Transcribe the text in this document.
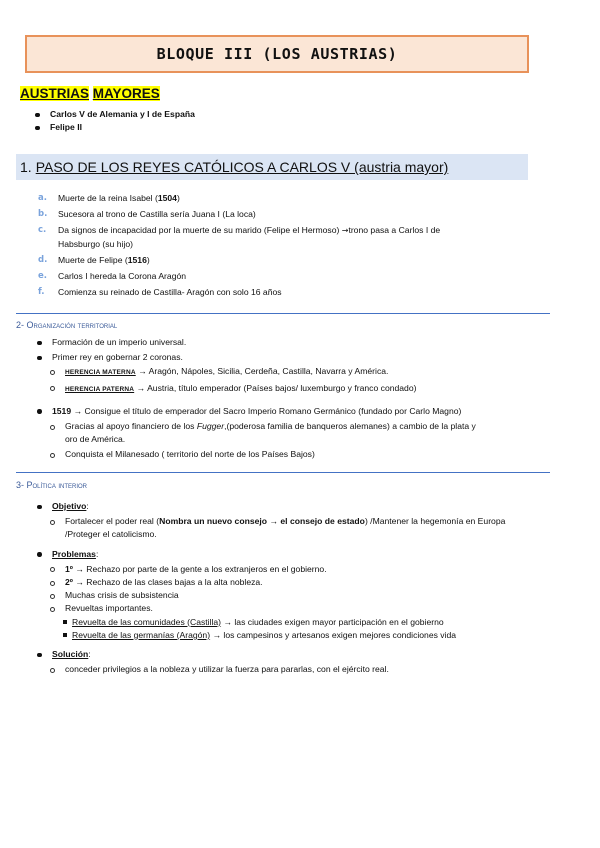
BLOQUE III (LOS AUSTRIAS)
AUSTRIAS MAYORES
Carlos V de Alemania y I de España
Felipe II
1. PASO DE LOS REYES CATÓLICOS A CARLOS V (austria mayor)
a. Muerte de la reina Isabel (1504)
b. Sucesora al trono de Castilla sería Juana I (La loca)
c. Da signos de incapacidad por la muerte de su marido (Felipe el Hermoso) →trono pasa a Carlos I de
Habsburgo (su hijo)
d. Muerte de Felipe (1516)
e. Carlos I hereda la Corona Aragón
f. Comienza su reinado de Castilla- Aragón con solo 16 años
2- Organización territorial
Formación de un imperio universal.
Primer rey en gobernar 2 coronas.
HERENCIA MATERNA → Aragón, Nápoles, Sicilia, Cerdeña, Castilla, Navarra y América.
HERENCIA PATERNA → Austria, título emperador (Países bajos/ luxemburgo y franco condado)
1519 → Consigue el título de emperador del Sacro Imperio Romano Germánico (fundado por Carlo Magno)
Gracias al apoyo financiero de los Fugger,(poderosa familia de banqueros alemanes) a cambio de la plata y
oro de América.
Conquista el Milanesado ( territorio del norte de los Países Bajos)
3- Política interior
Objetivo:
Fortalecer el poder real (Nombra un nuevo consejo → el consejo de estado) /Mantener la hegemonía en Europa
/Proteger el catolicismo.
Problemas:
1º → Rechazo por parte de la gente a los extranjeros en el gobierno.
2º → Rechazo de las clases bajas a la alta nobleza.
Muchas crisis de subsistencia
Revueltas importantes.
Revuelta de las comunidades (Castilla) → las ciudades exigen mayor participación en el gobierno
Revuelta de las germanías (Aragón) → los campesinos y artesanos exigen mejores condiciones vida
Solución:
conceder privilegios a la nobleza y utilizar la fuerza para pararlas, con el ejército real.
